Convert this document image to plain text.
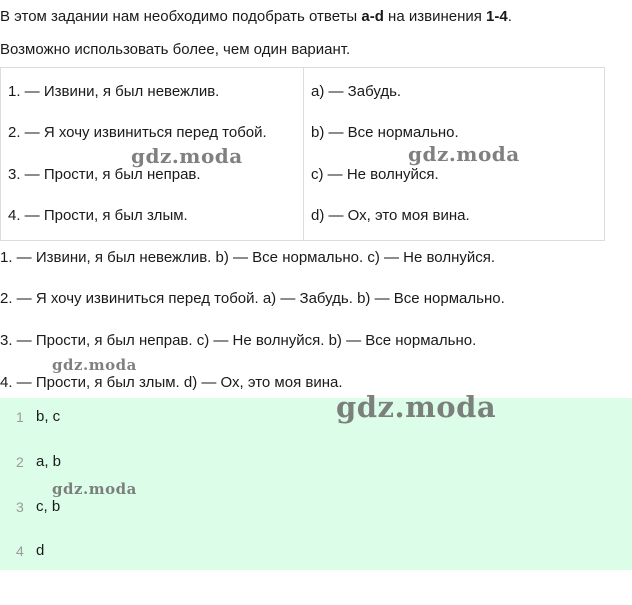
В этом задании нам необходимо подобрать ответы a-d на извинения 1-4.
Возможно использовать более, чем один вариант.
1. — Извини, я был невежлив.	а) — Забудь.
2. — Я хочу извиниться перед тобой.	b) — Все нормально.
3. — Прости, я был неправ.	с) — Не волнуйся.
4. — Прости, я был злым.	d) — Ох, это моя вина.
1. — Извини, я был невежлив. b) — Все нормально. с) — Не волнуйся.
2. — Я хочу извиниться перед тобой. а) — Забудь. b) — Все нормально.
3. — Прости, я был неправ. с) — Не волнуйся. b) — Все нормально.
4. — Прости, я был злым. d) — Ох, это моя вина.
1 b, c
2 a, b
3 c, b
4 d
gdz.moda	gdz.moda
gdz.moda
gdz.moda
gdz.moda
